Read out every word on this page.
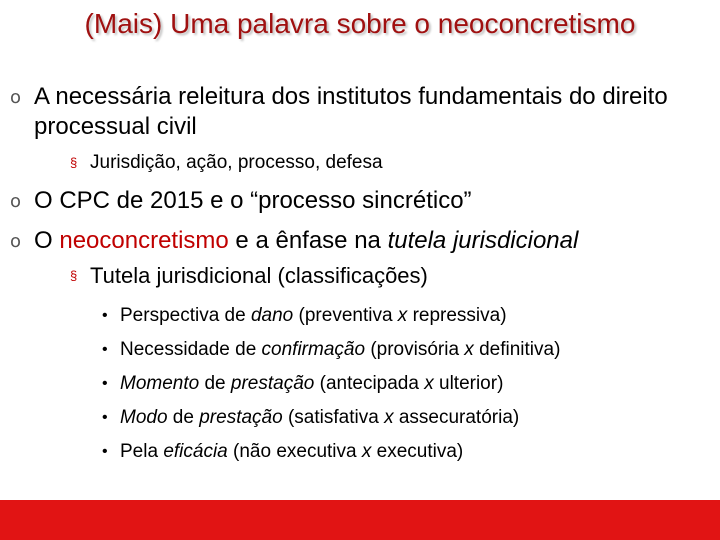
(Mais) Uma palavra sobre o neoconcretismo
o A necessária releitura dos institutos fundamentais do direito processual civil
§ Jurisdição, ação, processo, defesa
o O CPC de 2015 e o “processo sincrético”
o O neoconcretismo e a ênfase na tutela jurisdicional
§ Tutela jurisdicional (classificações)
• Perspectiva de dano (preventiva x repressiva)
• Necessidade de confirmação (provisória x definitiva)
• Momento de prestação (antecipada x ulterior)
• Modo de prestação (satisfativa x assecuratória)
• Pela eficácia (não executiva x executiva)
